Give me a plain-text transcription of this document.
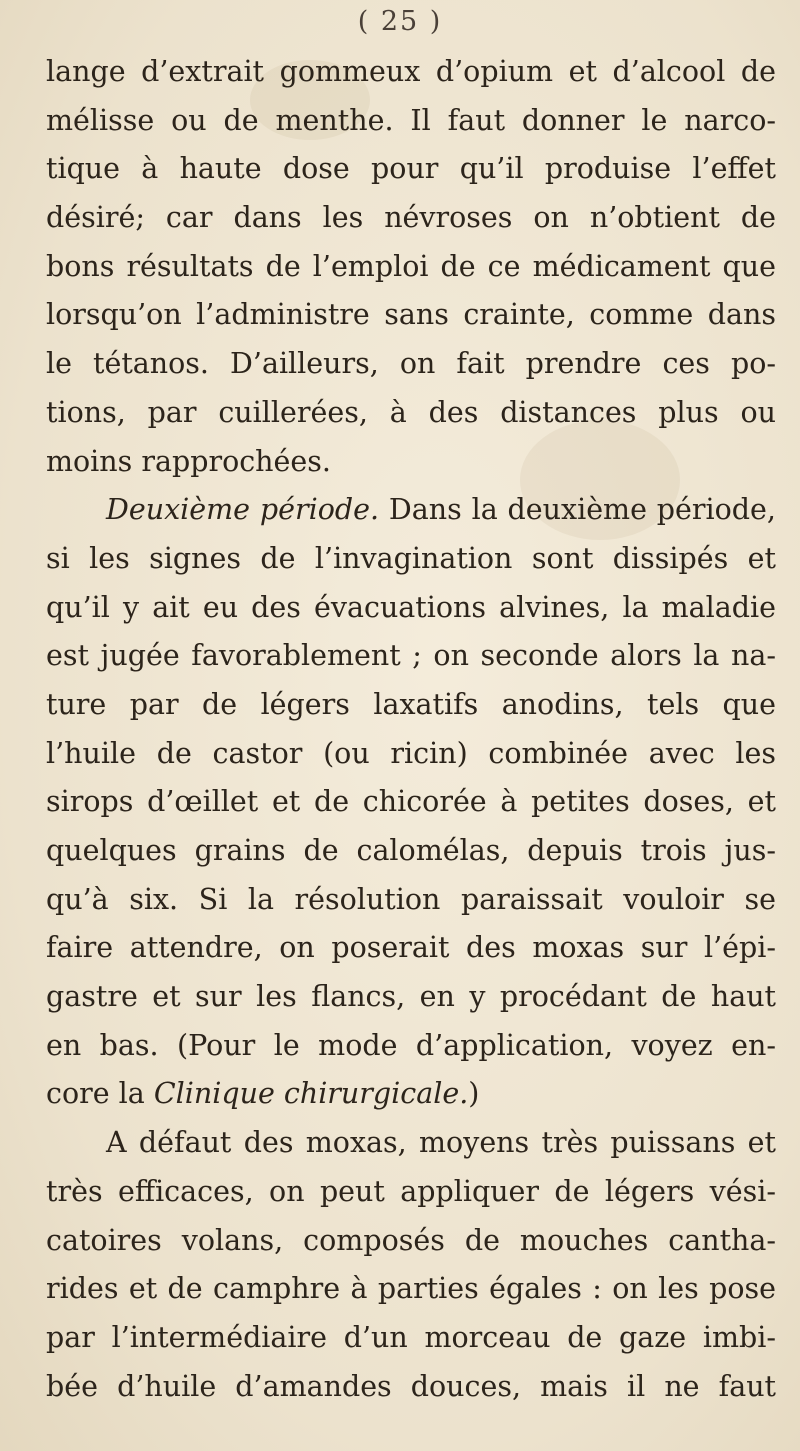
( 25 )
lange d’extrait gommeux d’opium et d’alcool de
mélisse ou de menthe. Il faut donner le narco-
tique à haute dose pour qu’il produise l’effet
désiré; car dans les névroses on n’obtient de
bons résultats de l’emploi de ce médicament que
lorsqu’on l’administre sans crainte, comme dans
le tétanos. D’ailleurs, on fait prendre ces po-
tions, par cuillerées, à des distances plus ou
moins rapprochées.
Deuxième période. Dans la deuxième période,
si les signes de l’invagination sont dissipés et
qu’il y ait eu des évacuations alvines, la maladie
est jugée favorablement ; on seconde alors la na-
ture par de légers laxatifs anodins, tels que
l’huile de castor (ou ricin) combinée avec les
sirops d’œillet et de chicorée à petites doses, et
quelques grains de calomélas, depuis trois jus-
qu’à six. Si la résolution paraissait vouloir se
faire attendre, on poserait des moxas sur l’épi-
gastre et sur les flancs, en y procédant de haut
en bas. (Pour le mode d’application, voyez en-
core la Clinique chirurgicale.)
A défaut des moxas, moyens très puissans et
très efficaces, on peut appliquer de légers vési-
catoires volans, composés de mouches cantha-
rides et de camphre à parties égales : on les pose
par l’intermédiaire d’un morceau de gaze imbi-
bée d’huile d’amandes douces, mais il ne faut
